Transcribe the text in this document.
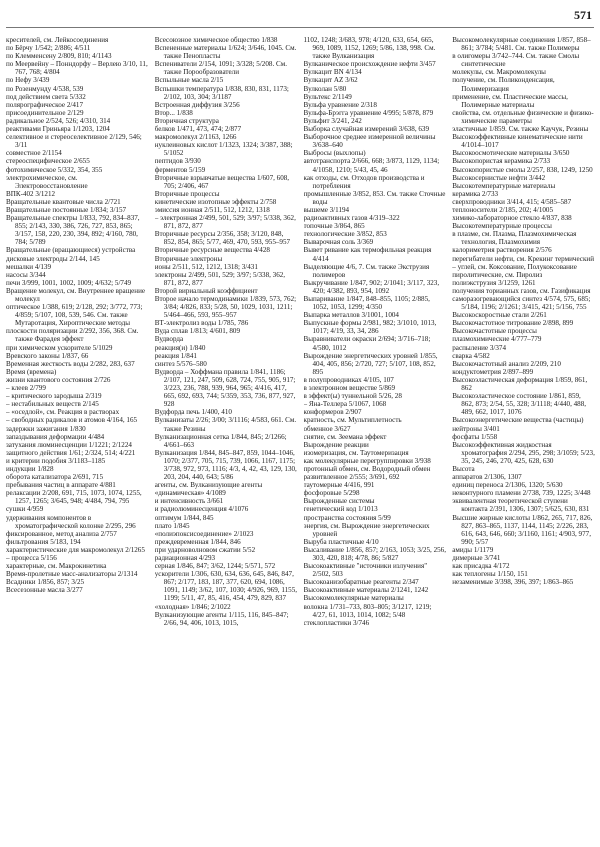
571

кресителей, см. Лейкосоединения

по Бёрчу 1/542; 2/886; 4/511

по Клемменсену 2/809, 810; 4/1143

по Меервейну – Понндорфу – Верлею 3/10, 11, 767, 768; 4/804

по Нефу 3/439

по Розенмунду 4/538, 539

под действием света 5/332

полярографическое 2/417

присоединительное 2/129

радикальное 2/524, 526; 4/310, 314

реактивами Гриньяра 1/1203, 1204

селективное и стереоселективное 2/129, 546; 3/11

совместное 2/1154

стереоспецифическое 2/655

фотохимическое 5/332, 354, 355

электрохимическое, см. Электровосстановление

ВПК-402 3/1212

Вращательные квантовые числа 2/721

Вращательные постоянные 1/834; 3/157

Вращательные спектры 1/833, 792, 834–837, 855; 2/143, 330, 386, 726, 727, 853, 865; 3/157, 158, 220, 230, 394, 892; 4/160, 780, 784; 5/789

Вращательные (вращающиеся) устройства

дисковые электроды 2/144, 145

мешалки 4/139

насосы 3/344

печи 3/999, 1001, 1002, 1009; 4/632; 5/749

Вращение молекул, см. Внутреннее вращение молекул

оптическое 1/388, 619; 2/128, 292; 3/772, 773; 4/859; 5/107, 108, 539, 546. См. также Мутаротация, Хироптические методы

плоскости поляризации 2/292, 356, 368. См. также Фарадея эффект

при химическом ускорителе 5/1029

Вревского законы 1/837, 66

Временная жесткость воды 2/282, 283, 637

Время (времена)

жизни квантового состояния 2/726

– клеев 2/799

– критического зародыша 2/319

– нестабильных веществ 2/145

– «оседлой», см. Реакция в растворах

– свободных радикалов и атомов 4/164, 165

задержки зажигания 1/830

запаздывания деформации 4/484

затухания люминесценции 1/1221; 2/1224

защитного действия 1/61; 2/324, 514; 4/221

и критерии подобия 3/1183–1185

индукции 1/828

оборота катализатора 2/691, 715

пребывания частиц в аппарате 4/881

релаксации 2/208, 691, 715, 1073, 1074, 1255, 1257, 1265; 3/645, 948; 4/484, 794, 795

сушки 4/959

удерживания компонентов в хроматографической колонке 2/295, 296

фиксированное, метод анализа 2/757

фильтрования 5/183, 194

характеристические для макромолекул 2/1265

– процесса 5/156

характерные, см. Макрокинетика

Время-пролетные масс-анализаторы 2/1314

Всадники 1/856, 857; 3/25

Всесезонные масла 3/277

Всесоюзное химическое общество 1/838

Вспененные материалы 1/624; 3/646, 1045. См. также Пенопласты

Вспениватели 2/154, 1091; 3/328; 5/208. См. также Порообразователи

Вспыльные масла 2/15

Вспышки температура 1/838, 830, 831, 1173; 2/102, 103, 304; 3/1187

Встроенная диффузия 3/256

Втор... 1/838

Вторичная структура

белков 1/471, 473, 474; 2/877

макромолекул 2/1163, 1266

нуклеиновых кислот 1/1323, 1324; 3/387, 388; 5/1052

пептидов 3/930

ферментов 5/159

Вторичные взрывчатые вещества 1/607, 608, 705; 2/406, 467

Вторичные процессы

кинетические изотопные эффекты 2/758

эмиссия ионная 2/511, 512, 1212, 1318

– электронная 2/499, 501, 529; 3/97; 5/338, 362, 871, 872, 877

Вторичные ресурсы 2/356, 358; 3/120, 848, 852, 854, 865; 5/77, 469, 470, 593, 955–957

Вторичные ресурсные вещества 4/428

Вторичные электроны

ионы 2/511, 512, 1212, 1318; 3/431

электроны 2/499, 501, 529; 3/97; 5/338, 362, 871, 872, 877

Второй вириальный коэффициент

Второе начало термодинамики 1/839, 573, 762; 3/84; 4/826, 833; 5/28, 50, 1029, 1031, 1211; 5/464–466, 593, 955–957

ВТ-электролиз воды 1/785, 786

Вуда сплав 1/813; 4/601, 809

Вудворда

реакция(и) 1/840

реакция 1/841

синтез 5/576–580

Вудворда – Хоффмана правила 1/841, 1186; 2/107, 121, 247, 509, 628, 724, 755, 905, 917; 3/223, 236, 788, 939, 964, 965; 4/416, 417, 665, 692, 693, 744; 5/359, 353, 736, 877, 927, 928

Вудфорда печь 1/400, 410

Вулканизаты 2/26; 3/00; 3/1116; 4/583, 661. См. также Резины

Вулканизационная сетка 1/844, 845; 2/1266; 4/661–663

Вулканизация 1/844, 845–847, 859, 1044–1046, 1070; 2/377, 705, 715, 739, 1066, 1167, 1175; 3/738, 972, 973, 1116; 4/3, 4, 42, 43, 129, 130, 203, 204, 440, 643; 5/86

агенты, см. Вулканизующие агенты

«динамическая» 4/1089

и интенсивность 3/661

и радиолюминесценция 4/1076

оптимум 1/844, 845

плато 1/845

«полиэпоксисоединение» 2/1023

преждевременная 1/844, 846

при ударноволновом сжатии 5/52

радиационная 4/293

серная 1/846, 847; 3/62, 1244; 5/571, 572

ускорители 1/306, 630, 634, 636, 645, 846, 847, 867; 2/177, 183, 187, 377, 620, 694, 1086, 1091, 1149; 3/62, 107, 1030; 4/926, 969, 1155, 1199; 5/11, 47, 85, 416, 454, 479, 829, 837

«холодная» 1/846; 2/1022

Вулканизующие агенты 1/115, 116, 845–847; 2/66, 94, 406, 1013, 1015,

1102, 1248; 3/683, 978; 4/120, 633, 654, 665, 969, 1089, 1152, 1269; 5/86, 138, 998. См. также Вулканизация

Вулканическое происхождение нефти 3/457

Вулкацит BN 4/134

Вулкацит AZ 3/62

Вулколан 5/80

Вультекс 2/1149

Вульфа уравнение 2/318

Вульфа-Брэгга уравнение 4/995; 5/878, 879

Вульфит 3/241, 242

Выборка случайная измерений 3/638, 639

Выборочное среднее измеренной величины 3/638–640

Выбросы (выхлопы)

автотранспорта 2/666, 668; 3/873, 1129, 1134; 4/1058, 1210; 5/43, 45, 46

как отходы, см. Отходов производства и потребления

промышленные 3/852, 853. См. также Сточные воды

вышеме 3/1194

радиоактивных газов 4/319–322

топочные 3/864, 865

технологические 3/852, 853

Выварочная соль 3/369

Вывет ривание как термофильная реакция 4/414

Выделяющие 4/6, 7. См. также Экструзия полимеров

Выкручивание 1/847, 902; 2/1041; 3/117, 323, 420; 4/382, 893, 954, 1092

Выпаривание 1/847, 848–855, 1105; 2/885, 1052, 1053, 1299; 4/350

Выпарка металлов 3/1001, 1004

Выпускные формы 2/981, 982; 3/1010, 1013, 1017; 4/19, 33, 34, 286

Выравниватели окраски 2/694; 3/716–718; 4/580, 1012

Вырождение энергетических уровней 1/855, 404, 405, 856; 2/720, 727; 5/107, 108, 852, 895

в полупроводниках 4/105, 107

в электронном веществе 5/869

в эффект(ы) туннельной 5/26, 28

– Яна-Теллера 5/1067, 1068

конформеров 2/907

кратность, см. Мультиплетность

обменное 3/627

снятие, см. Зеемана эффект

Вырождение реакции

изомеризация, см. Таутомеризация

как молекулярные перегруппировки 3/938

протонный обмен, см. Водородный обмен

развитвленное 2/555; 3/691, 692

таутомерные 4/416, 991

фосфоровые 5/298

Вырожденные системы

генетический код 1/1013

пространства состояния 5/99

энергия, см. Вырождение энергетических уровней

Выруба пластичные 4/10

Высаливание 1/856, 857; 2/163, 1053; 3/25, 256, 303, 420, 818; 4/78, 86; 5/827

Высокоактивные "источники излучения" 2/502, 503

Высокоанизобаратные реагенты 2/347

Высокоактивные материалы 2/1241, 1242

Высокомолекулярные материалы

волокна 1/731–733, 803–805; 3/1217, 1219; 4/27, 61, 1013, 1014, 1082; 5/48

стеклопластики 3/746

Высокомолекулярные соединения 1/857, 858–861; 3/784; 5/481. См. также Полимеры

в олигомеры 3/742–744. См. также Смолы синтетические

молекулы, см. Макромолекулы

получение, см. Поликонденсация, Полимеризация

применение, см. Пластические массы, Полимерные материалы

свойства, см. отдельные физические и физико-химические параметры

эластичные 1/859. См. также Каучук, Резины

Высокоэффективные кинематические нити 4/1014–1017

Высокоосмотические материалы 3/650

Высокопористая керамика 2/733

Высокопористые смолы 2/257, 838, 1249, 1250

Высокосернистые нефти 3/442

Высокотемпературные материалы

керамика 2/733

сверхпроводники 3/414, 415; 4/585–587

теплоносители 2/185, 202; 4/1005

химико-лабораторное стекло 4/837, 838

Высокотемпературные процессы

в плазме, см. Плазма, Плазмохимическая технология, Плазмохимия

калориметрия растворения 2/576

перегибатели нефти, см. Крекинг термический

– углей, см. Коксование, Полукоксование

пиролитические, см. Пиролиз

полиэкструзия 3/1259, 1261

получения торианных газов, см. Газификация

саморазогревающийся синтез 4/574, 575, 685; 5/184, 1196; 2/1261; 3/415, 421; 5/156, 755

Высокоскоростные стали 2/261

Высокочастотное титрование 2/898, 899

Высокочастотные процессы

плазмохимические 4/777–779

распыление 3/374

сварка 4/582

Высокочастотный анализ 2/209, 210

кондуктометрия 2/897–899

Высокоэластическая деформация 1/859, 861, 862

Высокоэластическое состояние 1/861, 859, 862, 873; 2/54, 55, 328; 3/1118; 4/440, 488, 489, 662, 1017, 1076

Высокоэнергетические вещества (частицы)

нейтроны 3/401

фосфаты 1/558

Высокоэффективная жидкостная хроматография 2/294, 295, 298; 3/1059; 5/23, 35, 245, 246, 270, 425, 628, 630

Высота

аппаратов 2/1306, 1307

единиц переноса 2/1306, 1320; 5/630

неконтурного пламени 2/738, 739, 1225; 3/448

эквивалентная теоретической ступени контакта 2/391, 1306, 1307; 5/625, 630, 831

Высшие жирные кислоты 1/862, 265, 717, 826, 827, 863–865, 1137, 1144, 1145; 2/226, 283, 616, 643, 646, 660; 3/1160, 1161; 4/903, 977, 990; 5/57

амиды 1/1179

димерные 3/741

как присадка 4/172

как теплогены 1/150, 151

незаменимые 3/398, 396, 397; 1/863–865
